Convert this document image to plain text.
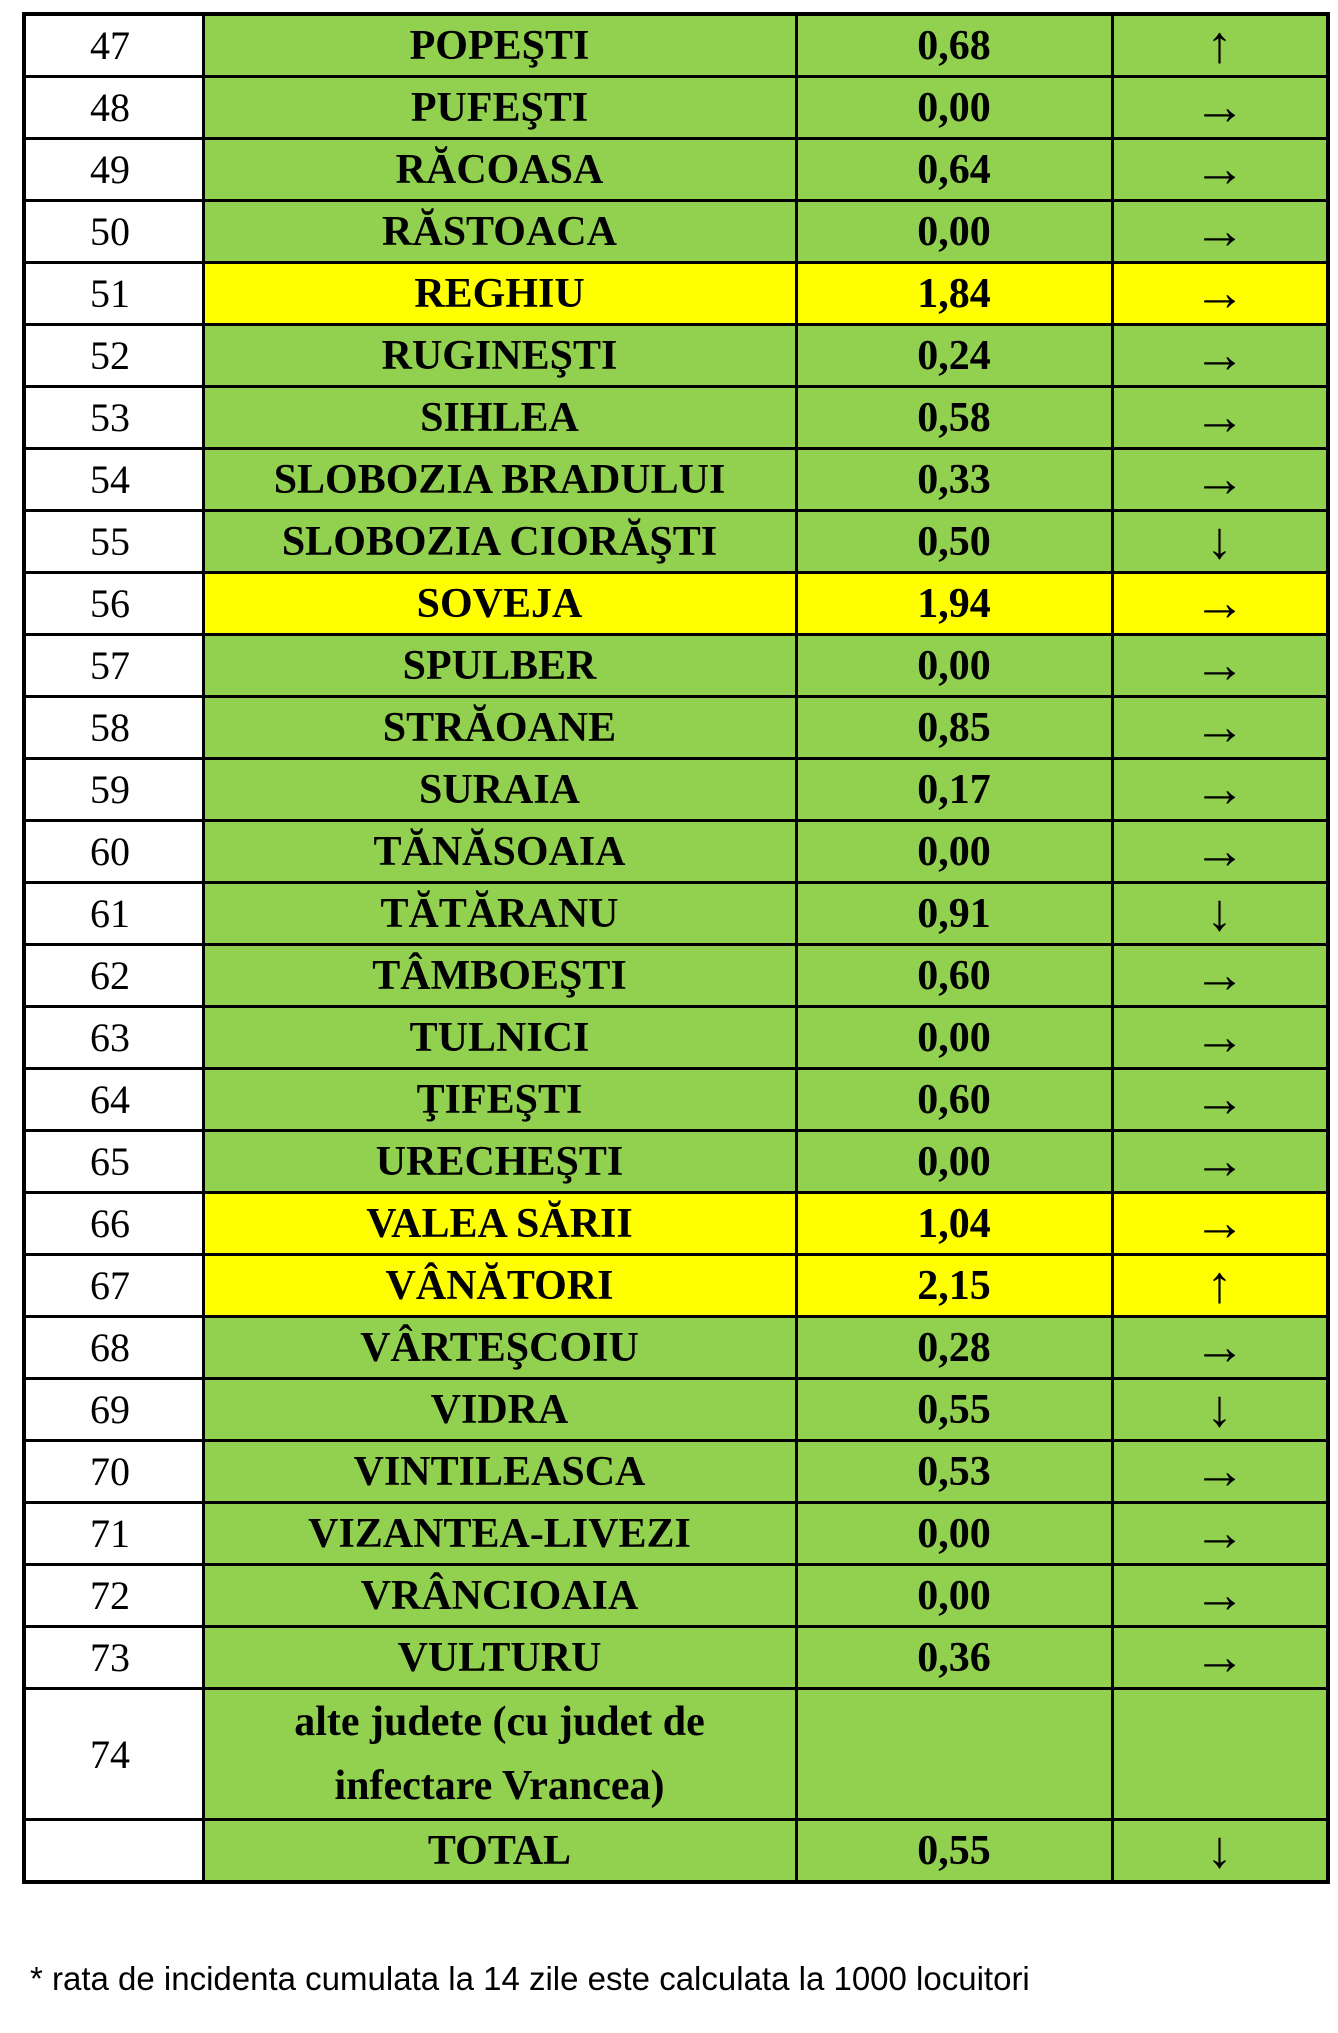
47	POPEŞTI	0,68	↑
48	PUFEŞTI	0,00	→
49	RĂCOASA	0,64	→
50	RĂSTOACA	0,00	→
51	REGHIU	1,84	→
52	RUGINEŞTI	0,24	→
53	SIHLEA	0,58	→
54	SLOBOZIA BRADULUI	0,33	→
55	SLOBOZIA CIORĂŞTI	0,50	↓
56	SOVEJA	1,94	→
57	SPULBER	0,00	→
58	STRĂOANE	0,85	→
59	SURAIA	0,17	→
60	TĂNĂSOAIA	0,00	→
61	TĂTĂRANU	0,91	↓
62	TÂMBOEŞTI	0,60	→
63	TULNICI	0,00	→
64	ŢIFEŞTI	0,60	→
65	URECHEŞTI	0,00	→
66	VALEA SĂRII	1,04	→
67	VÂNĂTORI	2,15	↑
68	VÂRTEŞCOIU	0,28	→
69	VIDRA	0,55	↓
70	VINTILEASCA	0,53	→
71	VIZANTEA-LIVEZI	0,00	→
72	VRÂNCIOAIA	0,00	→
73	VULTURU	0,36	→
74	alte judete (cu judet de
infectare Vrancea)		
	TOTAL	0,55	↓
* rata de incidenta cumulata la 14 zile este calculata la 1000 locuitori
